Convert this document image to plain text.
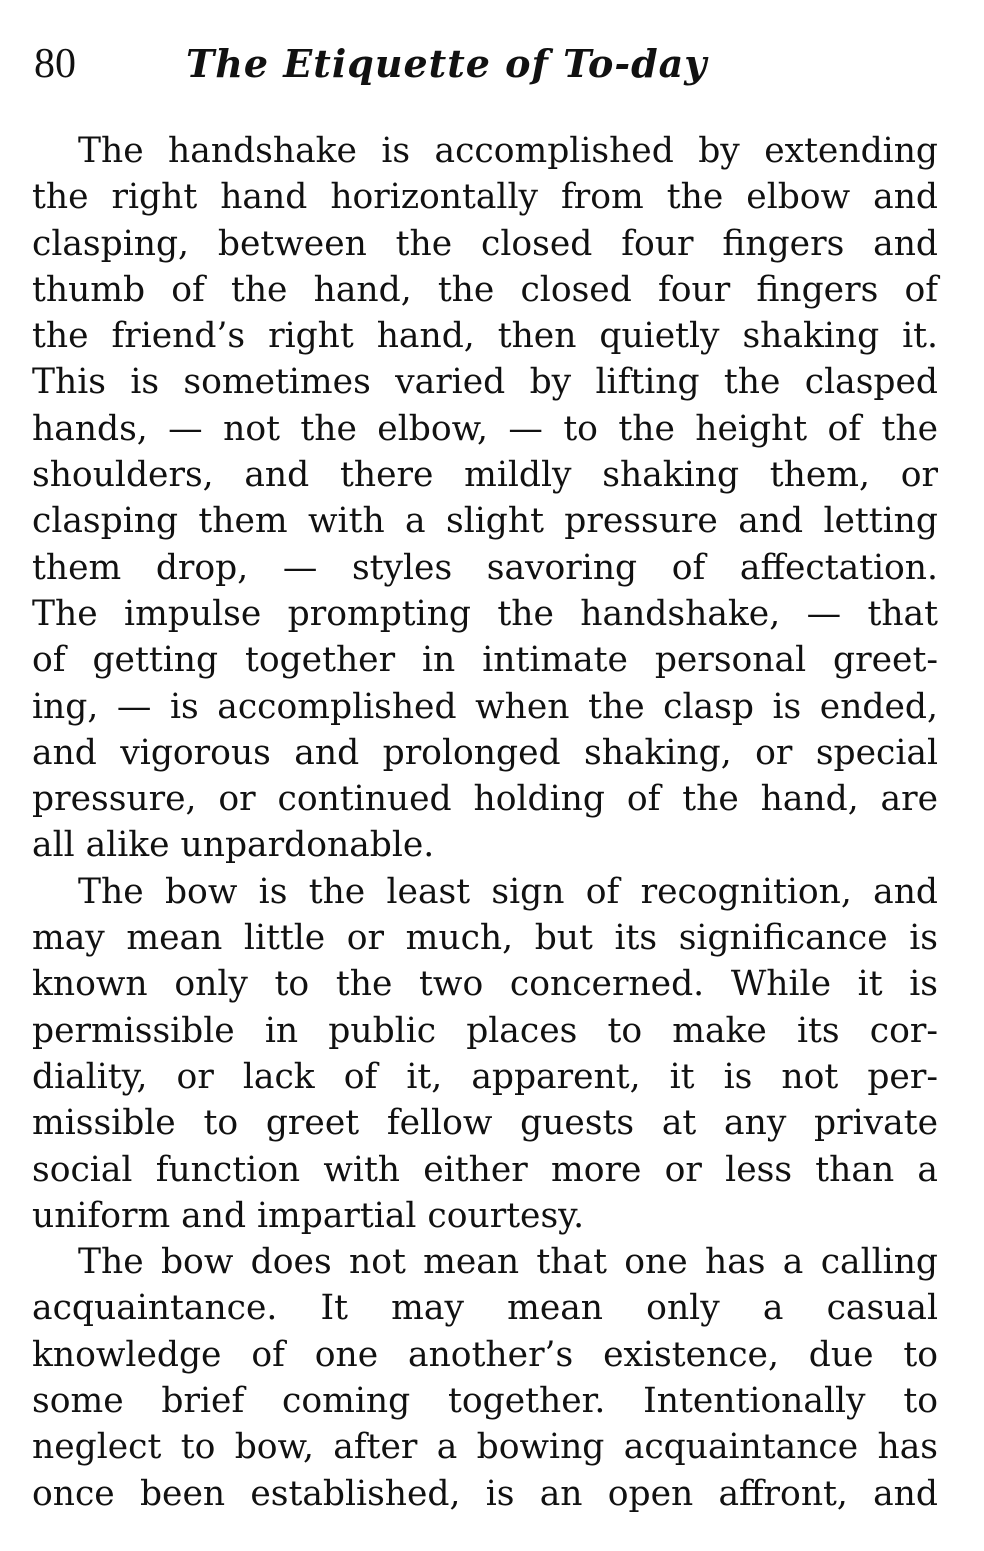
80	The Etiquette of To-day
The handshake is accomplished by extending
the right hand horizontally from the elbow and
clasping, between the closed four fingers and
thumb of the hand, the closed four fingers of
the friend’s right hand, then quietly shaking it.
This is sometimes varied by lifting the clasped
hands, — not the elbow, — to the height of the
shoulders, and there mildly shaking them, or
clasping them with a slight pressure and letting
them drop, — styles savoring of affectation.
The impulse prompting the handshake, — that
of getting together in intimate personal greet-
ing, — is accomplished when the clasp is ended,
and vigorous and prolonged shaking, or special
pressure, or continued holding of the hand, are
all alike unpardonable.
The bow is the least sign of recognition, and
may mean little or much, but its significance is
known only to the two concerned. While it is
permissible in public places to make its cor-
diality, or lack of it, apparent, it is not per-
missible to greet fellow guests at any private
social function with either more or less than a
uniform and impartial courtesy.
The bow does not mean that one has a calling
acquaintance. It may mean only a casual
knowledge of one another’s existence, due to
some brief coming together. Intentionally to
neglect to bow, after a bowing acquaintance has
once been established, is an open affront, and
